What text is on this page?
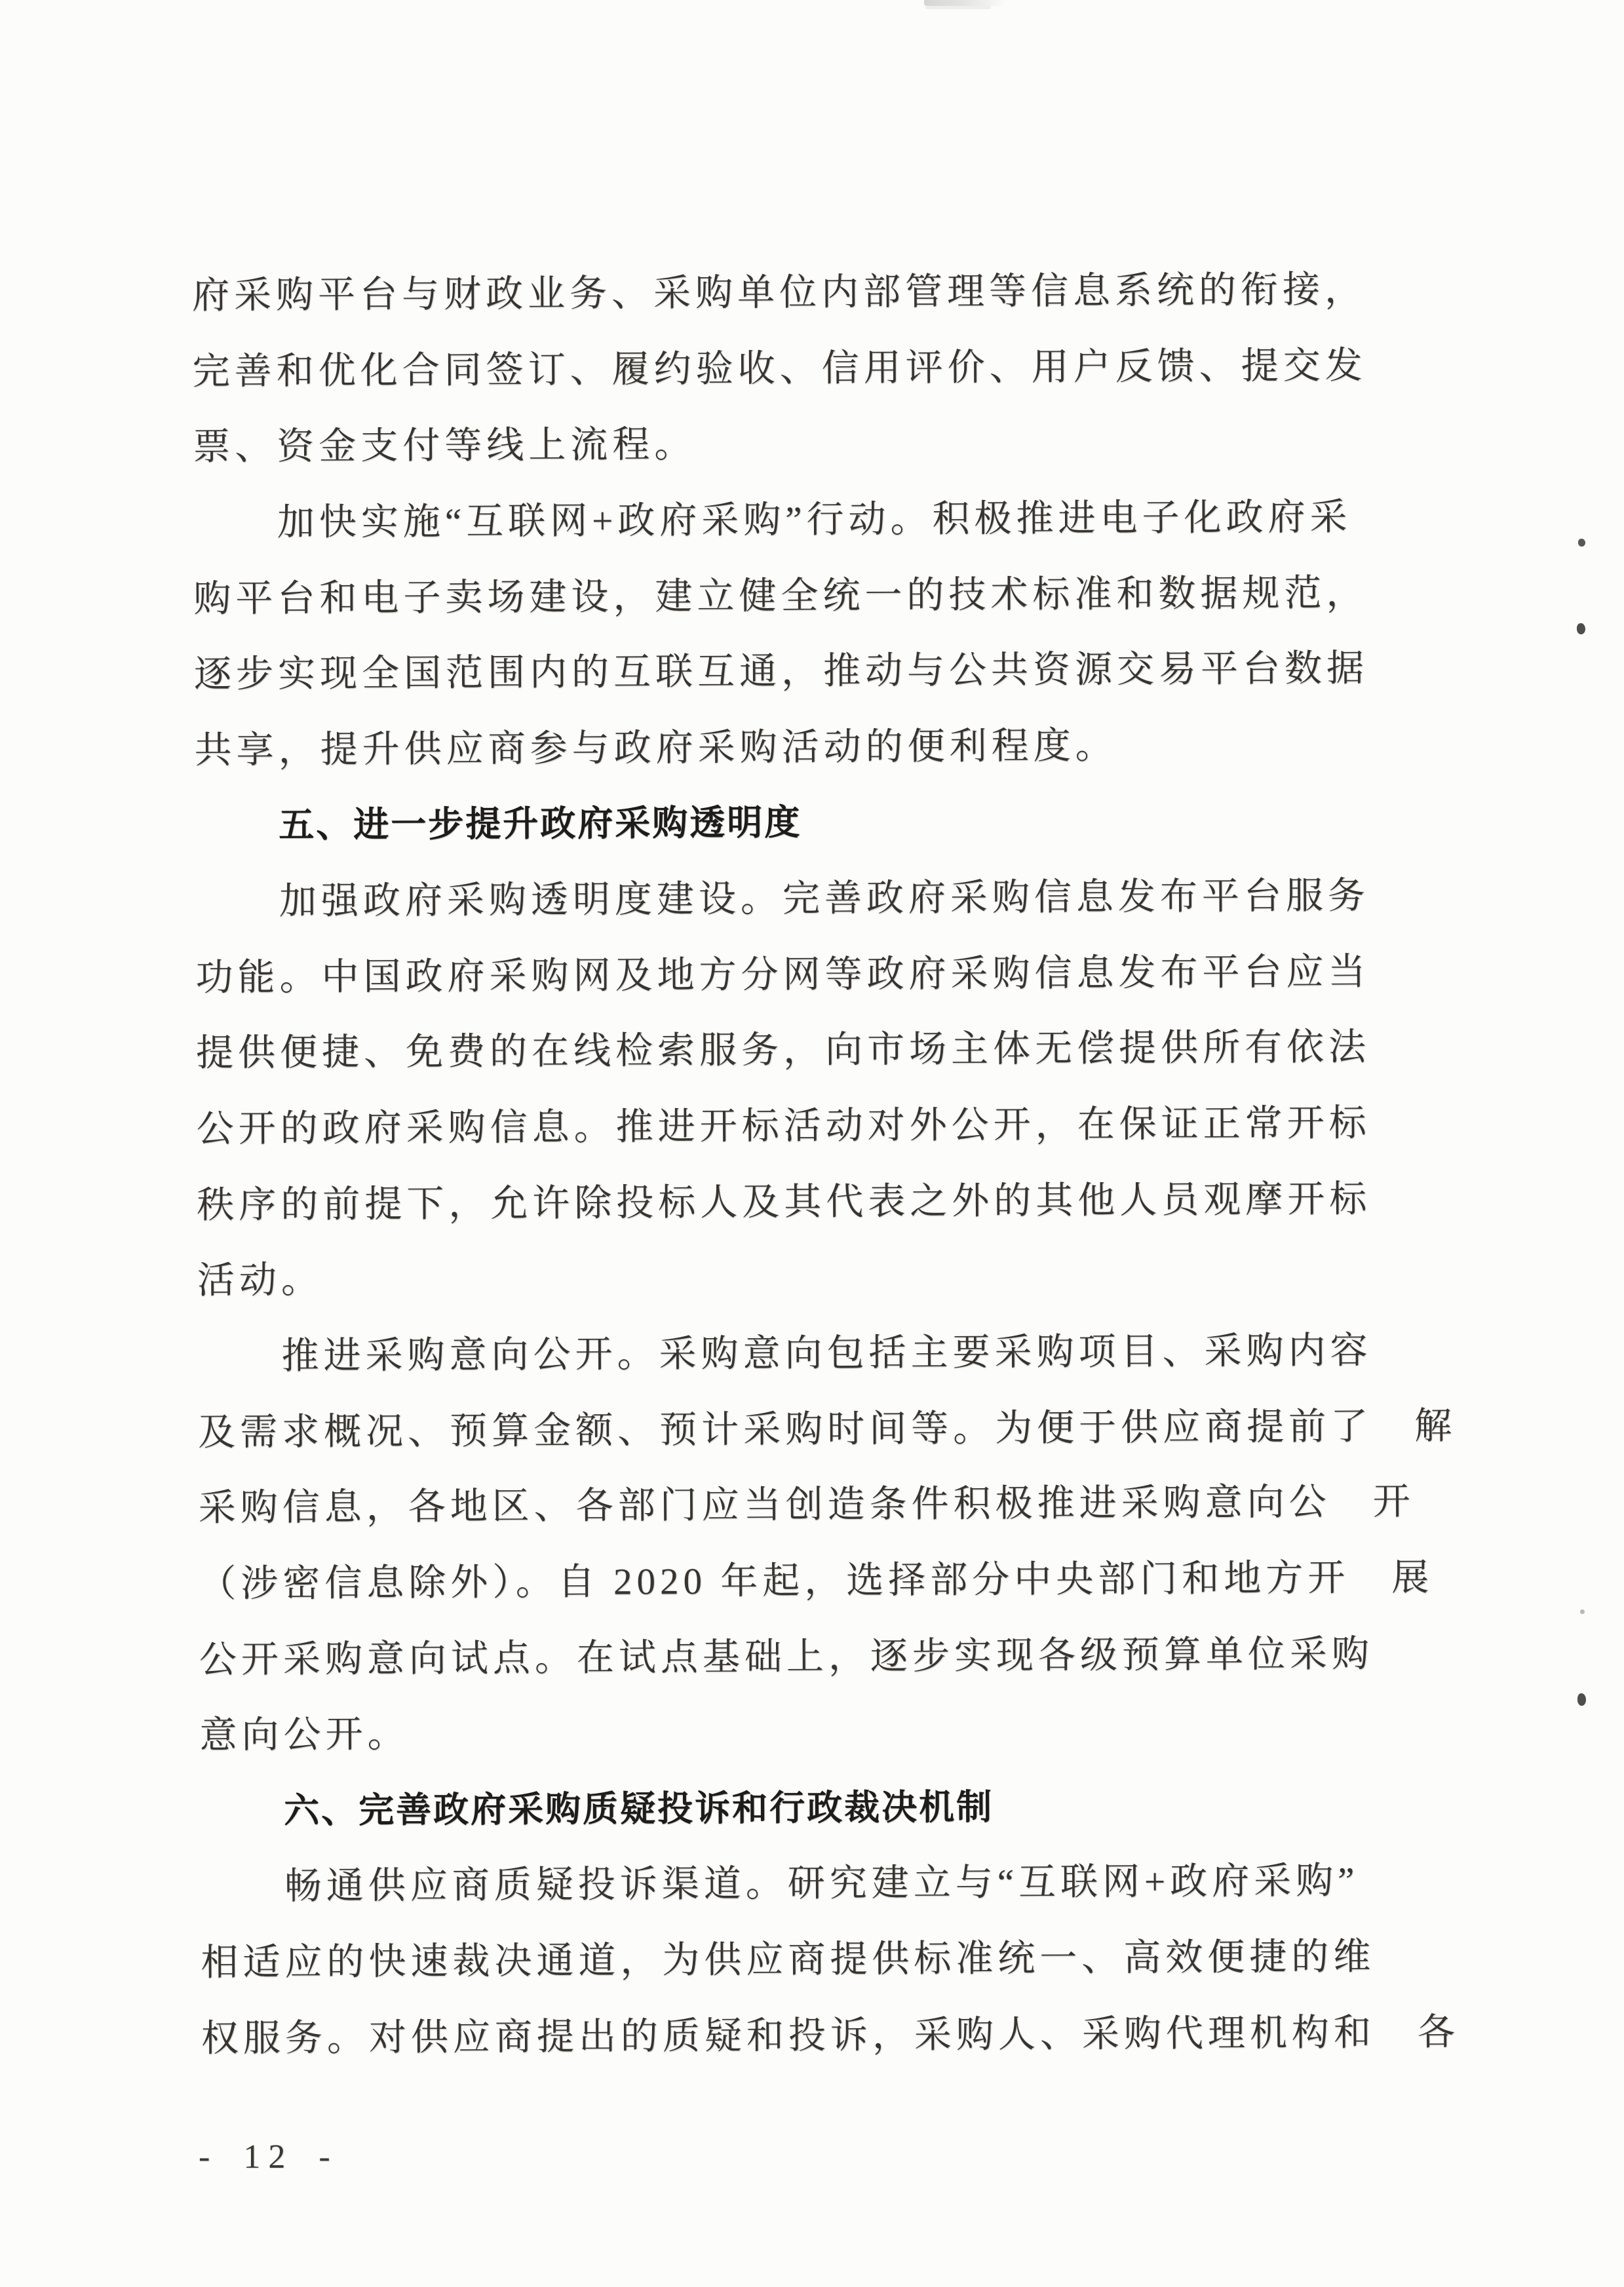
府采购平台与财政业务、采购单位内部管理等信息系统的衔接，
完善和优化合同签订、履约验收、信用评价、用户反馈、提交发
票、资金支付等线上流程。
加快实施“互联网+政府采购”行动。积极推进电子化政府采
购平台和电子卖场建设，建立健全统一的技术标准和数据规范，
逐步实现全国范围内的互联互通，推动与公共资源交易平台数据
共享，提升供应商参与政府采购活动的便利程度。
五、进一步提升政府采购透明度
加强政府采购透明度建设。完善政府采购信息发布平台服务
功能。中国政府采购网及地方分网等政府采购信息发布平台应当
提供便捷、免费的在线检索服务，向市场主体无偿提供所有依法
公开的政府采购信息。推进开标活动对外公开，在保证正常开标
秩序的前提下，允许除投标人及其代表之外的其他人员观摩开标
活动。
推进采购意向公开。采购意向包括主要采购项目、采购内容
及需求概况、预算金额、预计采购时间等。为便于供应商提前了　解
采购信息，各地区、各部门应当创造条件积极推进采购意向公　开
（涉密信息除外）。自 2020 年起，选择部分中央部门和地方开　展
公开采购意向试点。在试点基础上，逐步实现各级预算单位采购
意向公开。
六、完善政府采购质疑投诉和行政裁决机制
畅通供应商质疑投诉渠道。研究建立与“互联网+政府采购”
相适应的快速裁决通道，为供应商提供标准统一、高效便捷的维
权服务。对供应商提出的质疑和投诉，采购人、采购代理机构和　各
- 12 -
